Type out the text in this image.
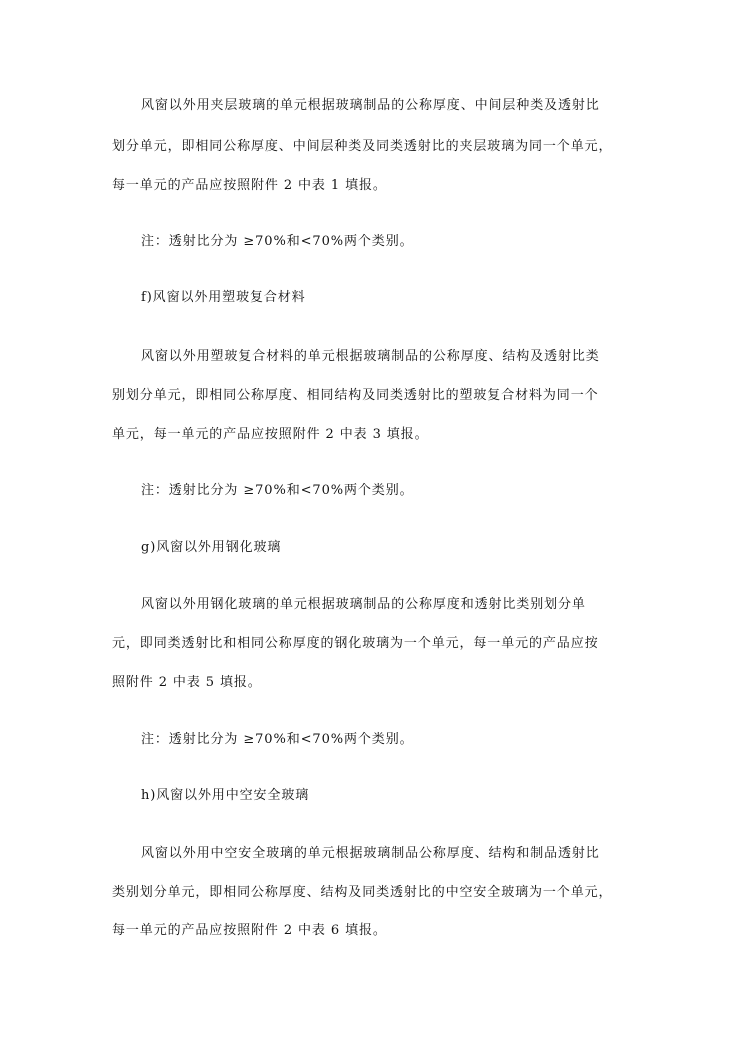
风窗以外用夹层玻璃的单元根据玻璃制品的公称厚度、中间层种类及透射比
划分单元，即相同公称厚度、中间层种类及同类透射比的夹层玻璃为同一个单元，
每一单元的产品应按照附件 2 中表 1 填报。
注：透射比分为 ≥70%和<70%两个类别。
f)风窗以外用塑玻复合材料
风窗以外用塑玻复合材料的单元根据玻璃制品的公称厚度、结构及透射比类
别划分单元，即相同公称厚度、相同结构及同类透射比的塑玻复合材料为同一个
单元，每一单元的产品应按照附件 2 中表 3 填报。
注：透射比分为 ≥70%和<70%两个类别。
g)风窗以外用钢化玻璃
风窗以外用钢化玻璃的单元根据玻璃制品的公称厚度和透射比类别划分单
元，即同类透射比和相同公称厚度的钢化玻璃为一个单元，每一单元的产品应按
照附件 2 中表 5 填报。
注：透射比分为 ≥70%和<70%两个类别。
h)风窗以外用中空安全玻璃
风窗以外用中空安全玻璃的单元根据玻璃制品公称厚度、结构和制品透射比
类别划分单元，即相同公称厚度、结构及同类透射比的中空安全玻璃为一个单元，
每一单元的产品应按照附件 2 中表 6 填报。
